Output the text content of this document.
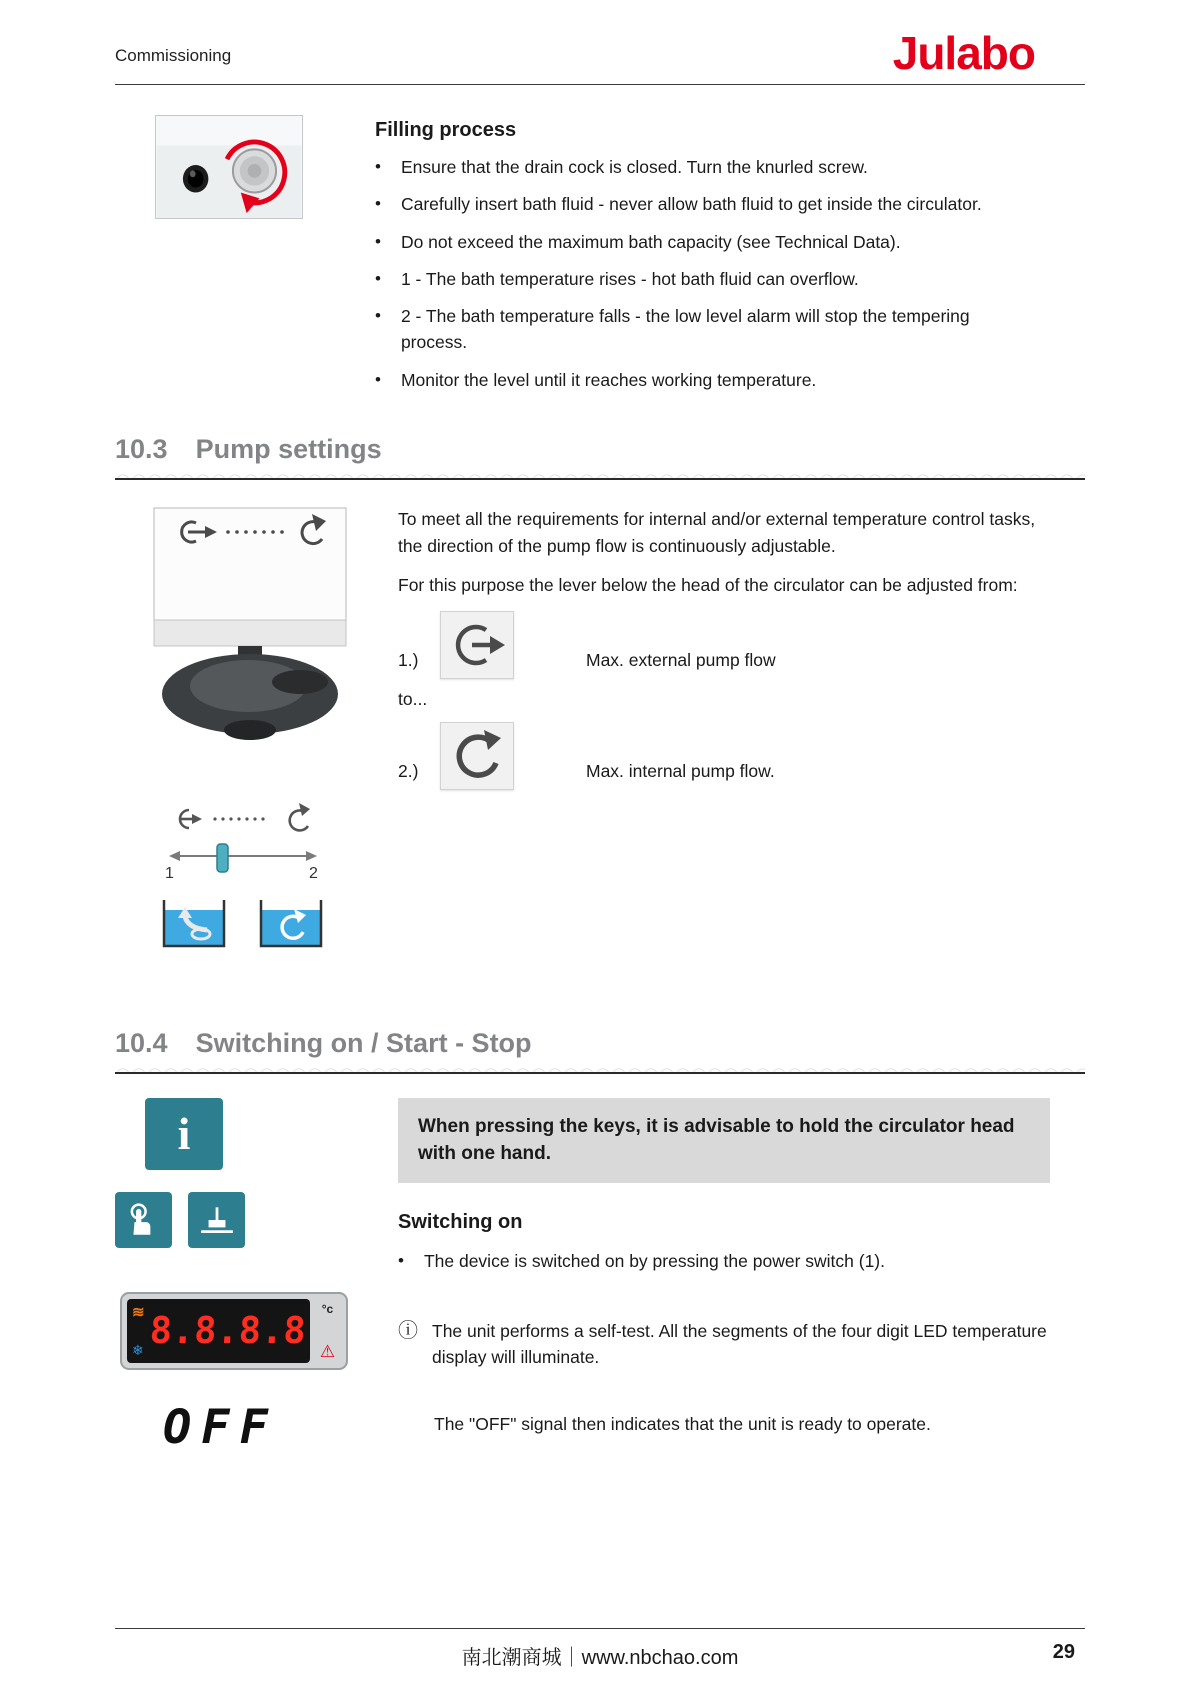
Commissioning	Julabo
Filling process
• Ensure that the drain cock is closed. Turn the knurled screw.
• Carefully insert bath fluid - never allow bath fluid to get inside the circulator.
• Do not exceed the maximum bath capacity (see Technical Data).
• 1 - The bath temperature rises - hot bath fluid can overflow.
• 2 - The bath temperature falls - the low level alarm will stop the tempering process.
• Monitor the level until it reaches working temperature.
10.3 Pump settings
1	2

To meet all the requirements for internal and/or external temperature control tasks, the direction of the pump flow is continuously adjustable.

For this purpose the lever below the head of the circulator can be adjusted from:

1.)	Max. external pump flow
to...
2.)	Max. internal pump flow.
10.4 Switching on / Start - Stop
i
≋
❄ 8.8.8.8
°c
⚠
OFF
When pressing the keys, it is advisable to hold the circulator head with one hand.
Switching on
• The device is switched on by pressing the power switch (1).
ⓘ The unit performs a self-test. All the segments of the four digit LED temperature display will illuminate.
The "OFF" signal then indicates that the unit is ready to operate.
南北潮商城｜www.nbchao.com	29
